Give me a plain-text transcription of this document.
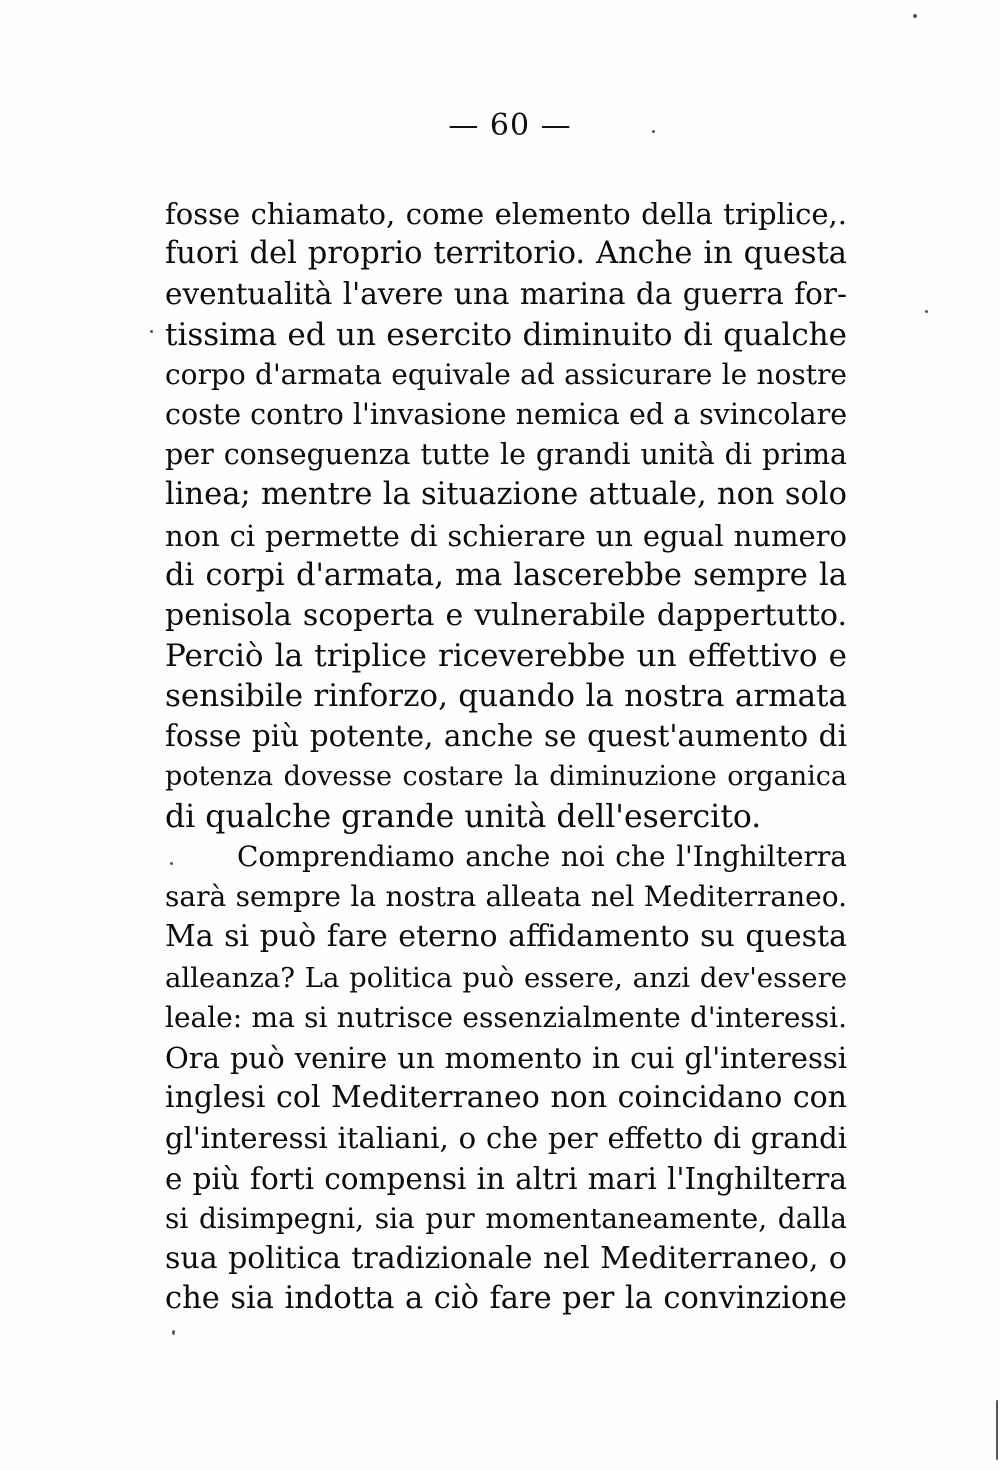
— 60 —
fosse chiamato, come elemento della triplice,.
fuori del proprio territorio. Anche in questa
eventualità l'avere una marina da guerra for-
tissima ed un esercito diminuito di qualche
corpo d'armata equivale ad assicurare le nostre
coste contro l'invasione nemica ed a svincolare
per conseguenza tutte le grandi unità di prima
linea; mentre la situazione attuale, non solo
non ci permette di schierare un egual numero
di corpi d'armata, ma lascerebbe sempre la
penisola scoperta e vulnerabile dappertutto.
Perciò la triplice riceverebbe un effettivo e
sensibile rinforzo, quando la nostra armata
fosse più potente, anche se quest'aumento di
potenza dovesse costare la diminuzione organica
di qualche grande unità dell'esercito.
Comprendiamo anche noi che l'Inghilterra
sarà sempre la nostra alleata nel Mediterraneo.
Ma si può fare eterno affidamento su questa
alleanza? La politica può essere, anzi dev'essere
leale: ma si nutrisce essenzialmente d'interessi.
Ora può venire un momento in cui gl'interessi
inglesi col Mediterraneo non coincidano con
gl'interessi italiani, o che per effetto di grandi
e più forti compensi in altri mari l'Inghilterra
si disimpegni, sia pur momentaneamente, dalla
sua politica tradizionale nel Mediterraneo, o
che sia indotta a ciò fare per la convinzione
